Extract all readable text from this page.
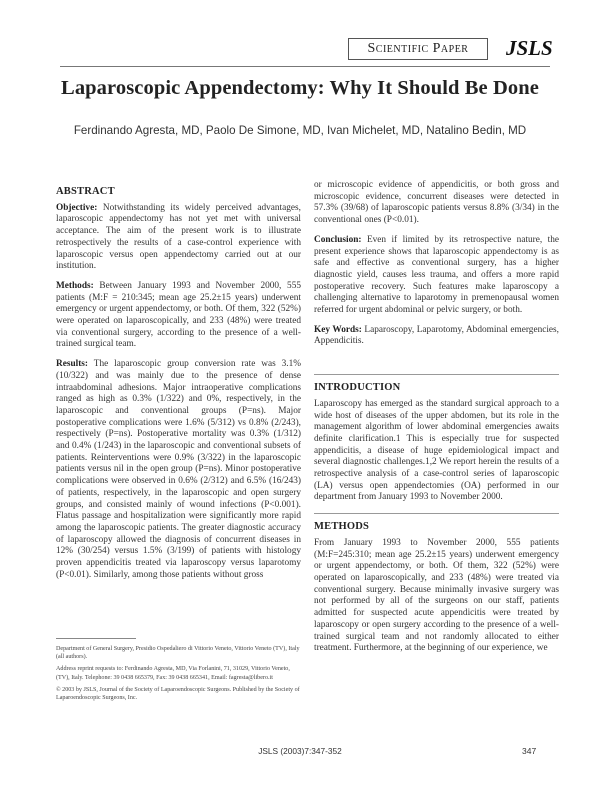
Scientific Paper	JSLS
Laparoscopic Appendectomy: Why It Should Be Done
Ferdinando Agresta, MD, Paolo De Simone, MD, Ivan Michelet, MD, Natalino Bedin, MD
ABSTRACT

Objective: Notwithstanding its widely perceived advantages, laparoscopic appendectomy has not yet met with universal acceptance. The aim of the present work is to illustrate retrospectively the results of a case-control experience with laparoscopic versus open appendectomy carried out at our institution.

Methods: Between January 1993 and November 2000, 555 patients (M:F = 210:345; mean age 25.2±15 years) underwent emergency or urgent appendectomy, or both. Of them, 322 (52%) were operated on laparoscopically, and 233 (48%) were treated via conventional surgery, according to the presence of a well-trained surgical team.

Results: The laparoscopic group conversion rate was 3.1% (10/322) and was mainly due to the presence of dense intraabdominal adhesions. Major intraoperative complications ranged as high as 0.3% (1/322) and 0%, respectively, in the laparoscopic and conventional groups (P=ns). Major postoperative complications were 1.6% (5/312) vs 0.8% (2/243), respectively (P=ns). Postoperative mortality was 0.3% (1/312) and 0.4% (1/243) in the laparoscopic and conventional subsets of patients. Reinterventions were 0.9% (3/322) in the laparoscopic patients versus nil in the open group (P=ns). Minor postoperative complications were observed in 0.6% (2/312) and 6.5% (16/243) of patients, respectively, in the laparoscopic and open surgery groups, and consisted mainly of wound infections (P<0.001). Flatus passage and hospitalization were significantly more rapid among the laparoscopic patients. The greater diagnostic accuracy of laparoscopy allowed the diagnosis of concurrent diseases in 12% (30/254) versus 1.5% (3/199) of patients with histology proven appendicitis treated via laparoscopy versus laparotomy (P<0.01). Similarly, among those patients without gross

or microscopic evidence of appendicitis, or both gross and microscopic evidence, concurrent diseases were detected in 57.3% (39/68) of laparoscopic patients versus 8.8% (3/34) in the conventional ones (P<0.01).

Conclusion: Even if limited by its retrospective nature, the present experience shows that laparoscopic appendectomy is as safe and effective as conventional surgery, has a higher diagnostic yield, causes less trauma, and offers a more rapid postoperative recovery. Such features make laparoscopy a challenging alternative to laparotomy in premenopausal women referred for urgent abdominal or pelvic surgery, or both.

Key Words: Laparoscopy, Laparotomy, Abdominal emergencies, Appendicitis.

INTRODUCTION

Laparoscopy has emerged as the standard surgical approach to a wide host of diseases of the upper abdomen, but its role in the management algorithm of lower abdominal emergencies awaits definite clarification.1 This is especially true for suspected appendicitis, a disease of huge epidemiological impact and several diagnostic challenges.1,2 We report herein the results of a retrospective analysis of a case-control series of laparoscopic (LA) versus open appendectomies (OA) performed in our department from January 1993 to November 2000.

METHODS

From January 1993 to November 2000, 555 patients (M:F=245:310; mean age 25.2±15 years) underwent emergency or urgent appendectomy, or both. Of them, 322 (52%) were operated on laparoscopically, and 233 (48%) were treated via conventional surgery. Because minimally invasive surgery was not performed by all of the surgeons on our staff, patients admitted for suspected acute appendicitis were treated by laparoscopy or open surgery according to the presence of a well-trained surgical team and not randomly allocated to either treatment. Furthermore, at the beginning of our experience, we

Department of General Surgery, Presidio Ospedaliero di Vittorio Veneto, Vittorio Veneto (TV), Italy (all authors).

Address reprint requests to: Ferdinando Agresta, MD, Via Forlanini, 71, 31029, Vittorio Veneto, (TV), Italy. Telephone: 39 0438 665379, Fax: 39 0438 665341, Email: fagresta@libero.it

© 2003 by JSLS, Journal of the Society of Laparoendoscopic Surgeons. Published by the Society of Laparoendoscopic Surgeons, Inc.

JSLS (2003)7:347-352	347
